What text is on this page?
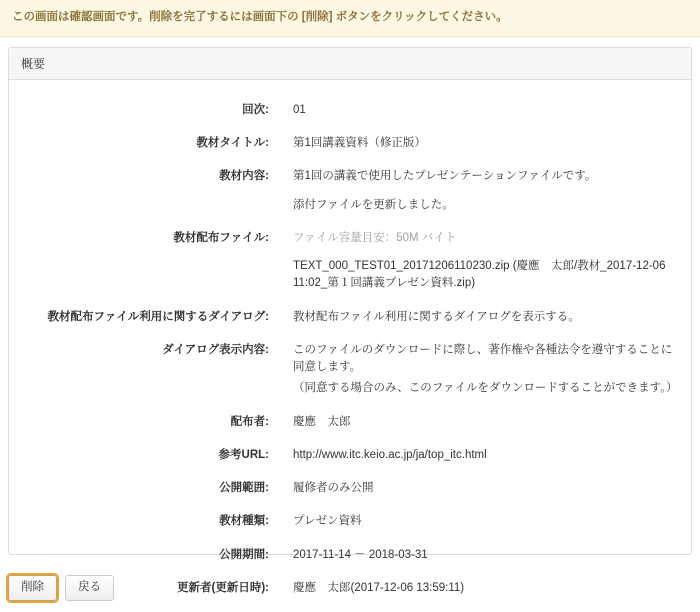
この画面は確認画面です。削除を完了するには画面下の [削除] ボタンをクリックしてください。
概要
回次:	01

教材タイトル:	第1回講義資料（修正版）

教材内容:	第1回の講義で使用したプレゼンテーションファイルです。
添付ファイルを更新しました。

教材配布ファイル:	ファイル容量目安：50M バイト
TEXT_000_TEST01_20171206110230.zip (慶應　太郎/教材_2017-12-06 11:02_第１回講義プレゼン資料.zip)

教材配布ファイル利用に関するダイアログ:	教材配布ファイル利用に関するダイアログを表示する。

ダイアログ表示内容:	このファイルのダウンロードに際し、著作権や各種法令を遵守することに同意します。
（同意する場合のみ、このファイルをダウンロードすることができます。）

配布者:	慶應　太郎

参考URL:	http://www.itc.keio.ac.jp/ja/top_itc.html
公開範囲:	履修者のみ公開

教材種類:	プレゼン資料

公開期間:	2017-11-14 － 2018-03-31

更新者(更新日時):	慶應　太郎(2017-12-06 13:59:11)
削除	戻る
